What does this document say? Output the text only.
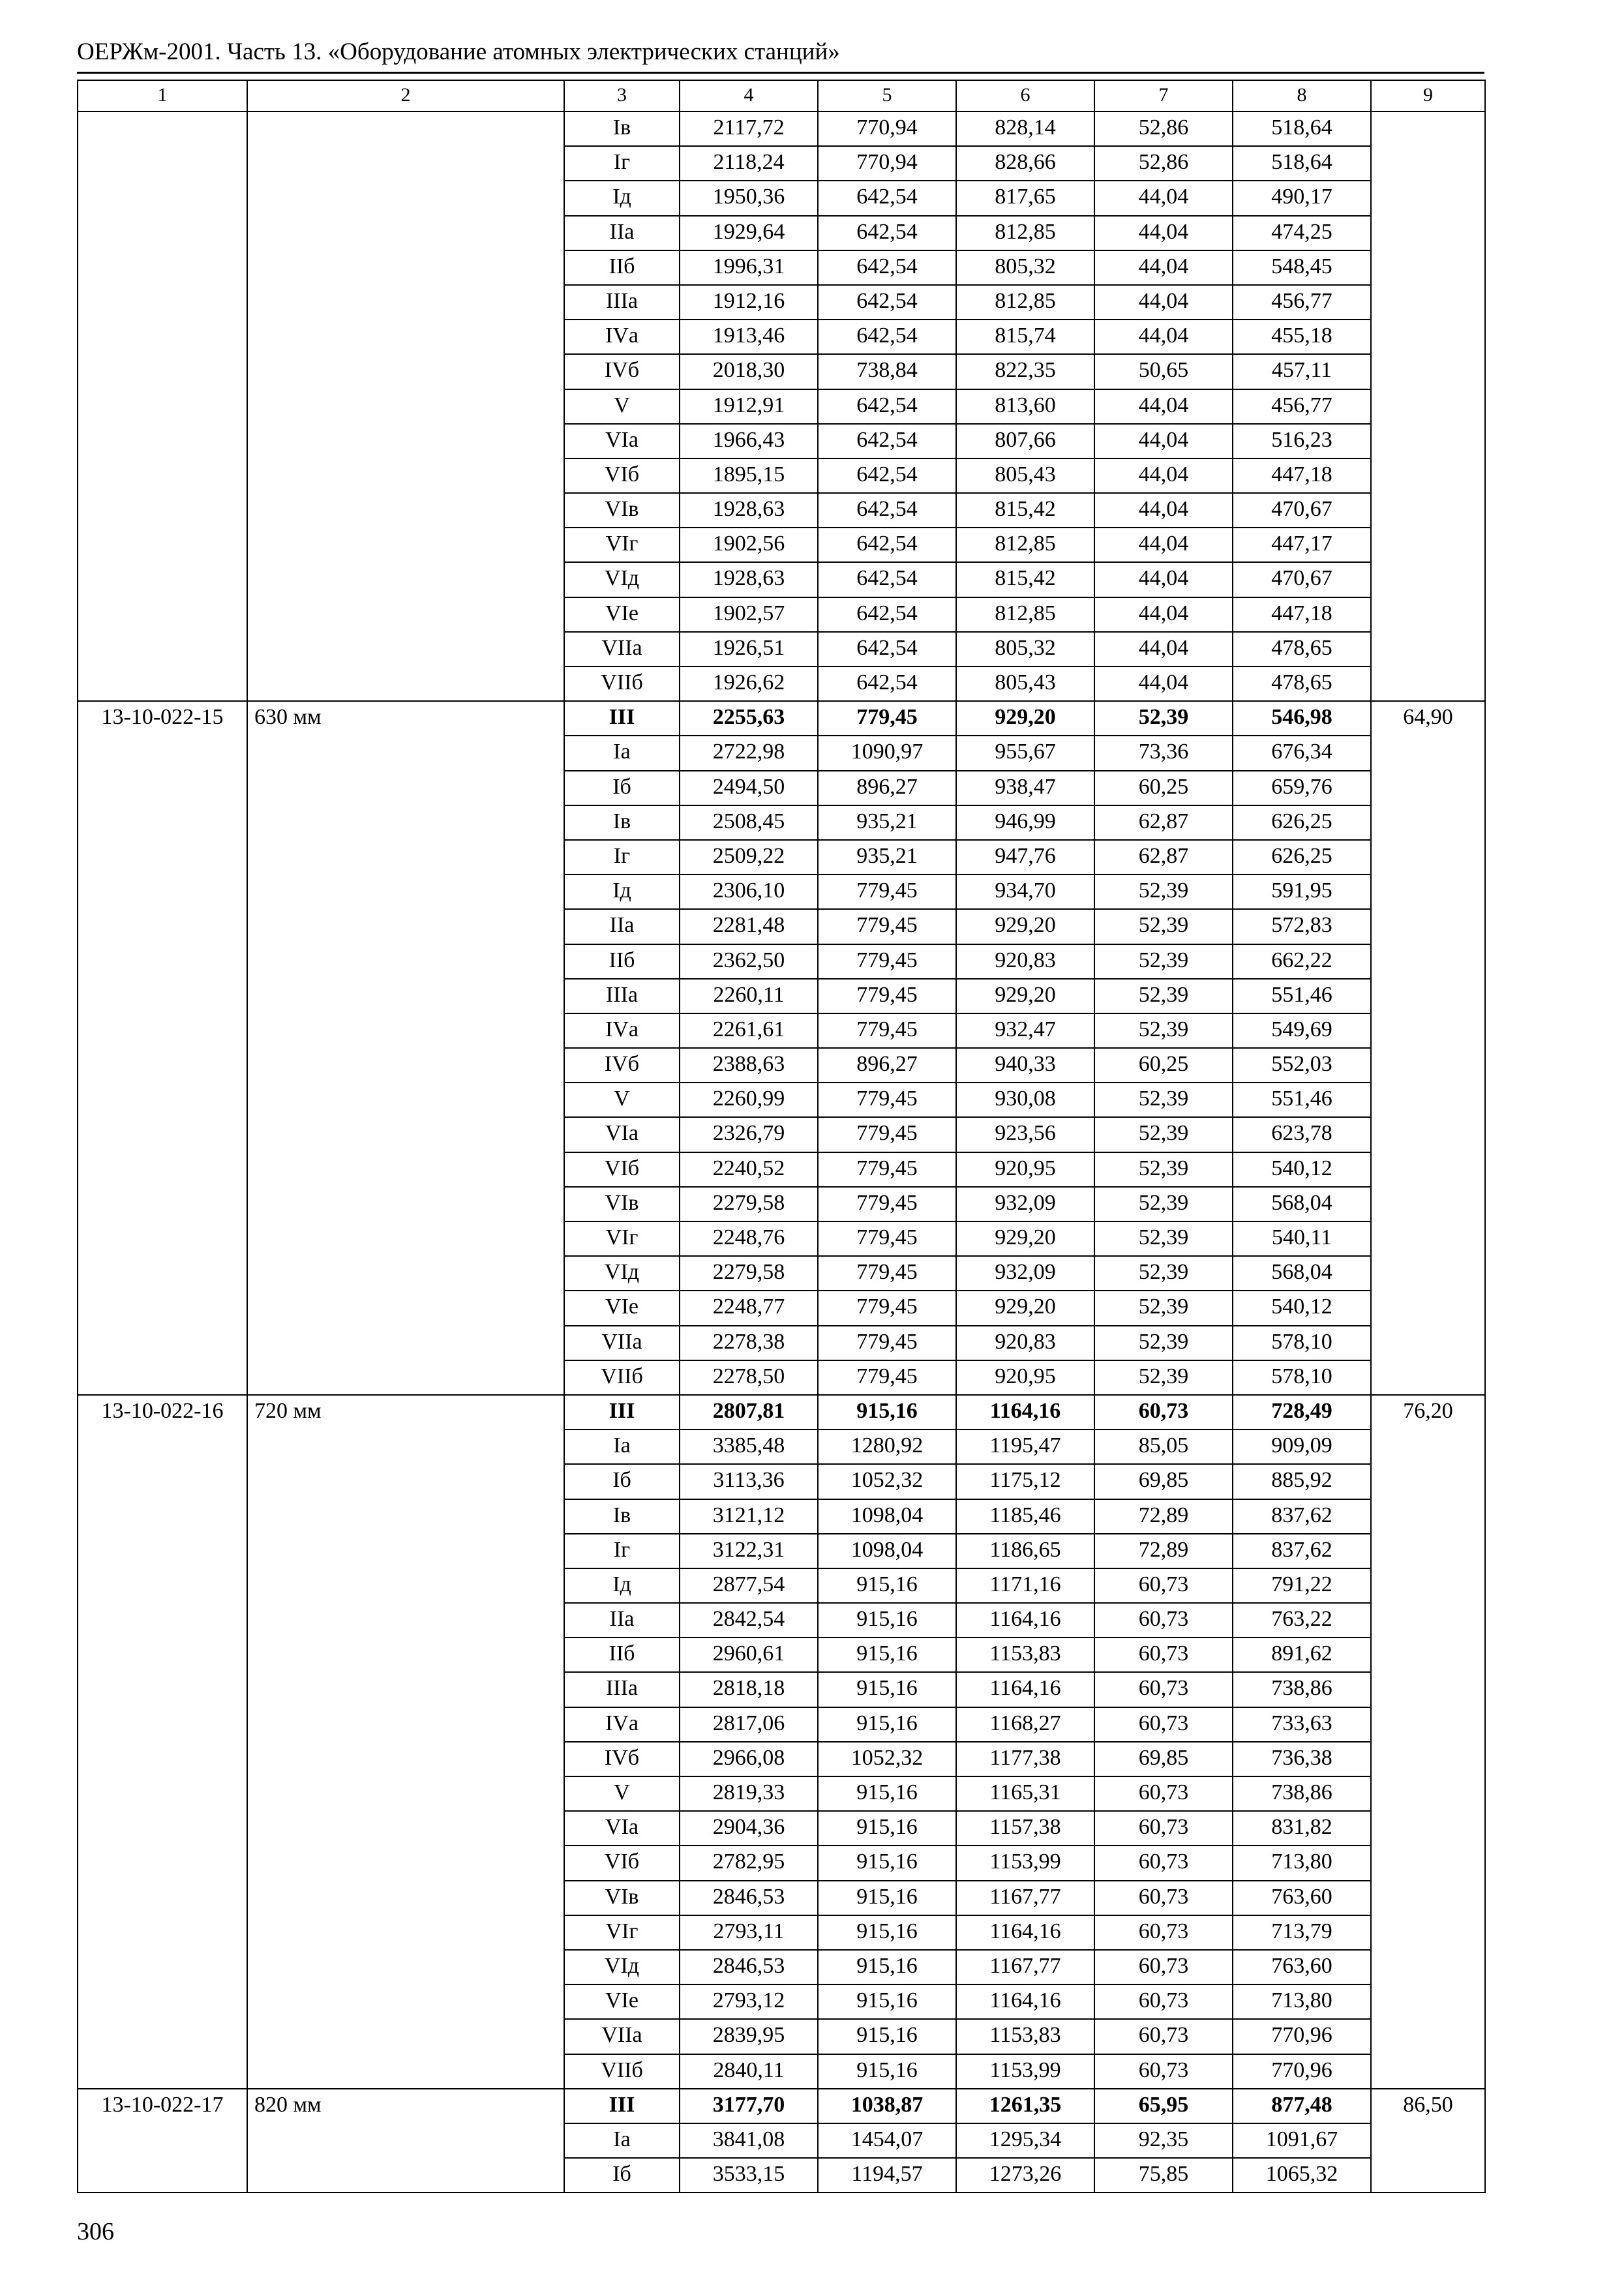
ОЕРЖм-2001. Часть 13. «Оборудование атомных электрических станций»
1	2	3	4	5	6	7	8	9
		Iв	2117,72	770,94	828,14	52,86	518,64	
		Iг	2118,24	770,94	828,66	52,86	518,64	
		Iд	1950,36	642,54	817,65	44,04	490,17	
		IIа	1929,64	642,54	812,85	44,04	474,25	
		IIб	1996,31	642,54	805,32	44,04	548,45	
		IIIа	1912,16	642,54	812,85	44,04	456,77	
		IVа	1913,46	642,54	815,74	44,04	455,18	
		IVб	2018,30	738,84	822,35	50,65	457,11	
		V	1912,91	642,54	813,60	44,04	456,77	
		VIа	1966,43	642,54	807,66	44,04	516,23	
		VIб	1895,15	642,54	805,43	44,04	447,18	
		VIв	1928,63	642,54	815,42	44,04	470,67	
		VIг	1902,56	642,54	812,85	44,04	447,17	
		VIд	1928,63	642,54	815,42	44,04	470,67	
		VIе	1902,57	642,54	812,85	44,04	447,18	
		VIIа	1926,51	642,54	805,32	44,04	478,65	
		VIIб	1926,62	642,54	805,43	44,04	478,65	
13-10-022-15	630 мм	III	2255,63	779,45	929,20	52,39	546,98	64,90
		Iа	2722,98	1090,97	955,67	73,36	676,34	
		Iб	2494,50	896,27	938,47	60,25	659,76	
		Iв	2508,45	935,21	946,99	62,87	626,25	
		Iг	2509,22	935,21	947,76	62,87	626,25	
		Iд	2306,10	779,45	934,70	52,39	591,95	
		IIа	2281,48	779,45	929,20	52,39	572,83	
		IIб	2362,50	779,45	920,83	52,39	662,22	
		IIIа	2260,11	779,45	929,20	52,39	551,46	
		IVа	2261,61	779,45	932,47	52,39	549,69	
		IVб	2388,63	896,27	940,33	60,25	552,03	
		V	2260,99	779,45	930,08	52,39	551,46	
		VIа	2326,79	779,45	923,56	52,39	623,78	
		VIб	2240,52	779,45	920,95	52,39	540,12	
		VIв	2279,58	779,45	932,09	52,39	568,04	
		VIг	2248,76	779,45	929,20	52,39	540,11	
		VIд	2279,58	779,45	932,09	52,39	568,04	
		VIе	2248,77	779,45	929,20	52,39	540,12	
		VIIа	2278,38	779,45	920,83	52,39	578,10	
		VIIб	2278,50	779,45	920,95	52,39	578,10	
13-10-022-16	720 мм	III	2807,81	915,16	1164,16	60,73	728,49	76,20
		Iа	3385,48	1280,92	1195,47	85,05	909,09	
		Iб	3113,36	1052,32	1175,12	69,85	885,92	
		Iв	3121,12	1098,04	1185,46	72,89	837,62	
		Iг	3122,31	1098,04	1186,65	72,89	837,62	
		Iд	2877,54	915,16	1171,16	60,73	791,22	
		IIа	2842,54	915,16	1164,16	60,73	763,22	
		IIб	2960,61	915,16	1153,83	60,73	891,62	
		IIIа	2818,18	915,16	1164,16	60,73	738,86	
		IVа	2817,06	915,16	1168,27	60,73	733,63	
		IVб	2966,08	1052,32	1177,38	69,85	736,38	
		V	2819,33	915,16	1165,31	60,73	738,86	
		VIа	2904,36	915,16	1157,38	60,73	831,82	
		VIб	2782,95	915,16	1153,99	60,73	713,80	
		VIв	2846,53	915,16	1167,77	60,73	763,60	
		VIг	2793,11	915,16	1164,16	60,73	713,79	
		VIд	2846,53	915,16	1167,77	60,73	763,60	
		VIе	2793,12	915,16	1164,16	60,73	713,80	
		VIIа	2839,95	915,16	1153,83	60,73	770,96	
		VIIб	2840,11	915,16	1153,99	60,73	770,96	
13-10-022-17	820 мм	III	3177,70	1038,87	1261,35	65,95	877,48	86,50
		Iа	3841,08	1454,07	1295,34	92,35	1091,67	
		Iб	3533,15	1194,57	1273,26	75,85	1065,32	
306
